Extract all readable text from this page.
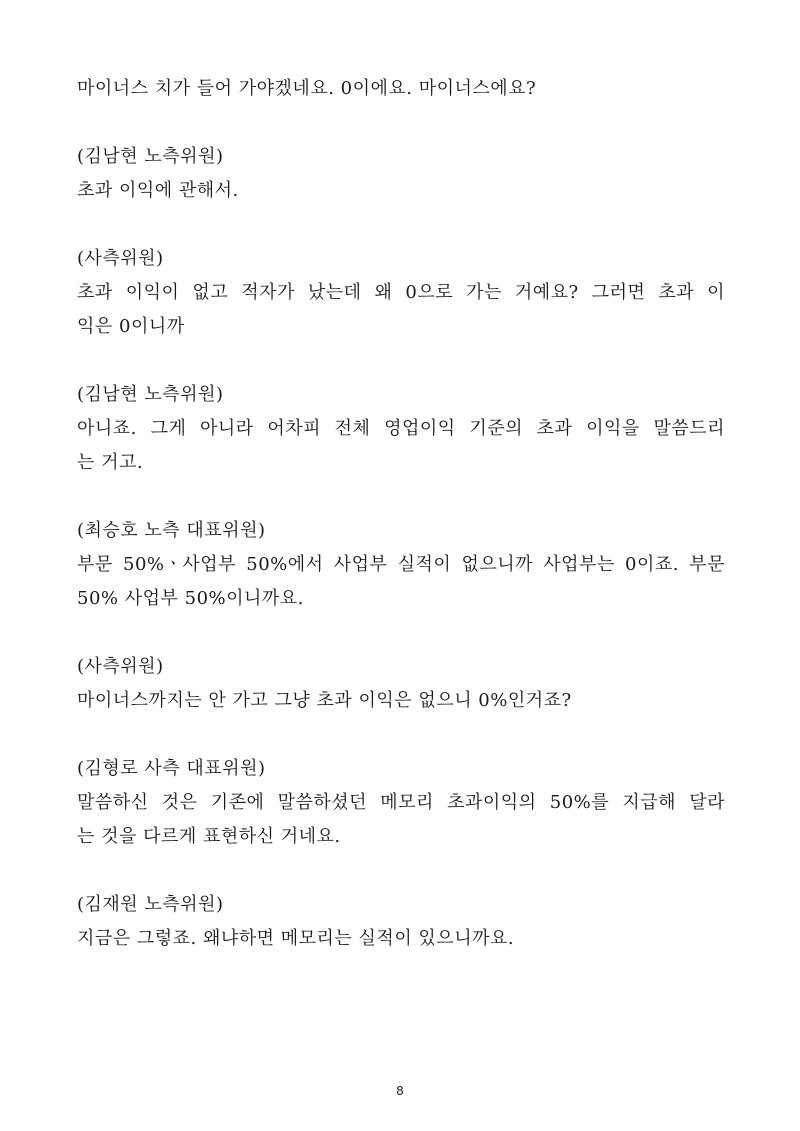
마이너스 치가 들어 가야겠네요. 0이에요. 마이너스에요?
(김남현 노측위원)
초과 이익에 관해서.
(사측위원)
초과 이익이 없고 적자가 났는데 왜 0으로 가는 거예요? 그러면 초과 이
익은 0이니까
(김남현 노측위원)
아니죠. 그게 아니라 어차피 전체 영업이익 기준의 초과 이익을 말씀드리
는 거고.
(최승호 노측 대표위원)
부문 50%ㆍ사업부 50%에서 사업부 실적이 없으니까 사업부는 0이죠. 부문
50% 사업부 50%이니까요.
(사측위원)
마이너스까지는 안 가고 그냥 초과 이익은 없으니 0%인거죠?
(김형로 사측 대표위원)
말씀하신 것은 기존에 말씀하셨던 메모리 초과이익의 50%를 지급해 달라
는 것을 다르게 표현하신 거네요.
(김재원 노측위원)
지금은 그렇죠. 왜냐하면 메모리는 실적이 있으니까요.
8
